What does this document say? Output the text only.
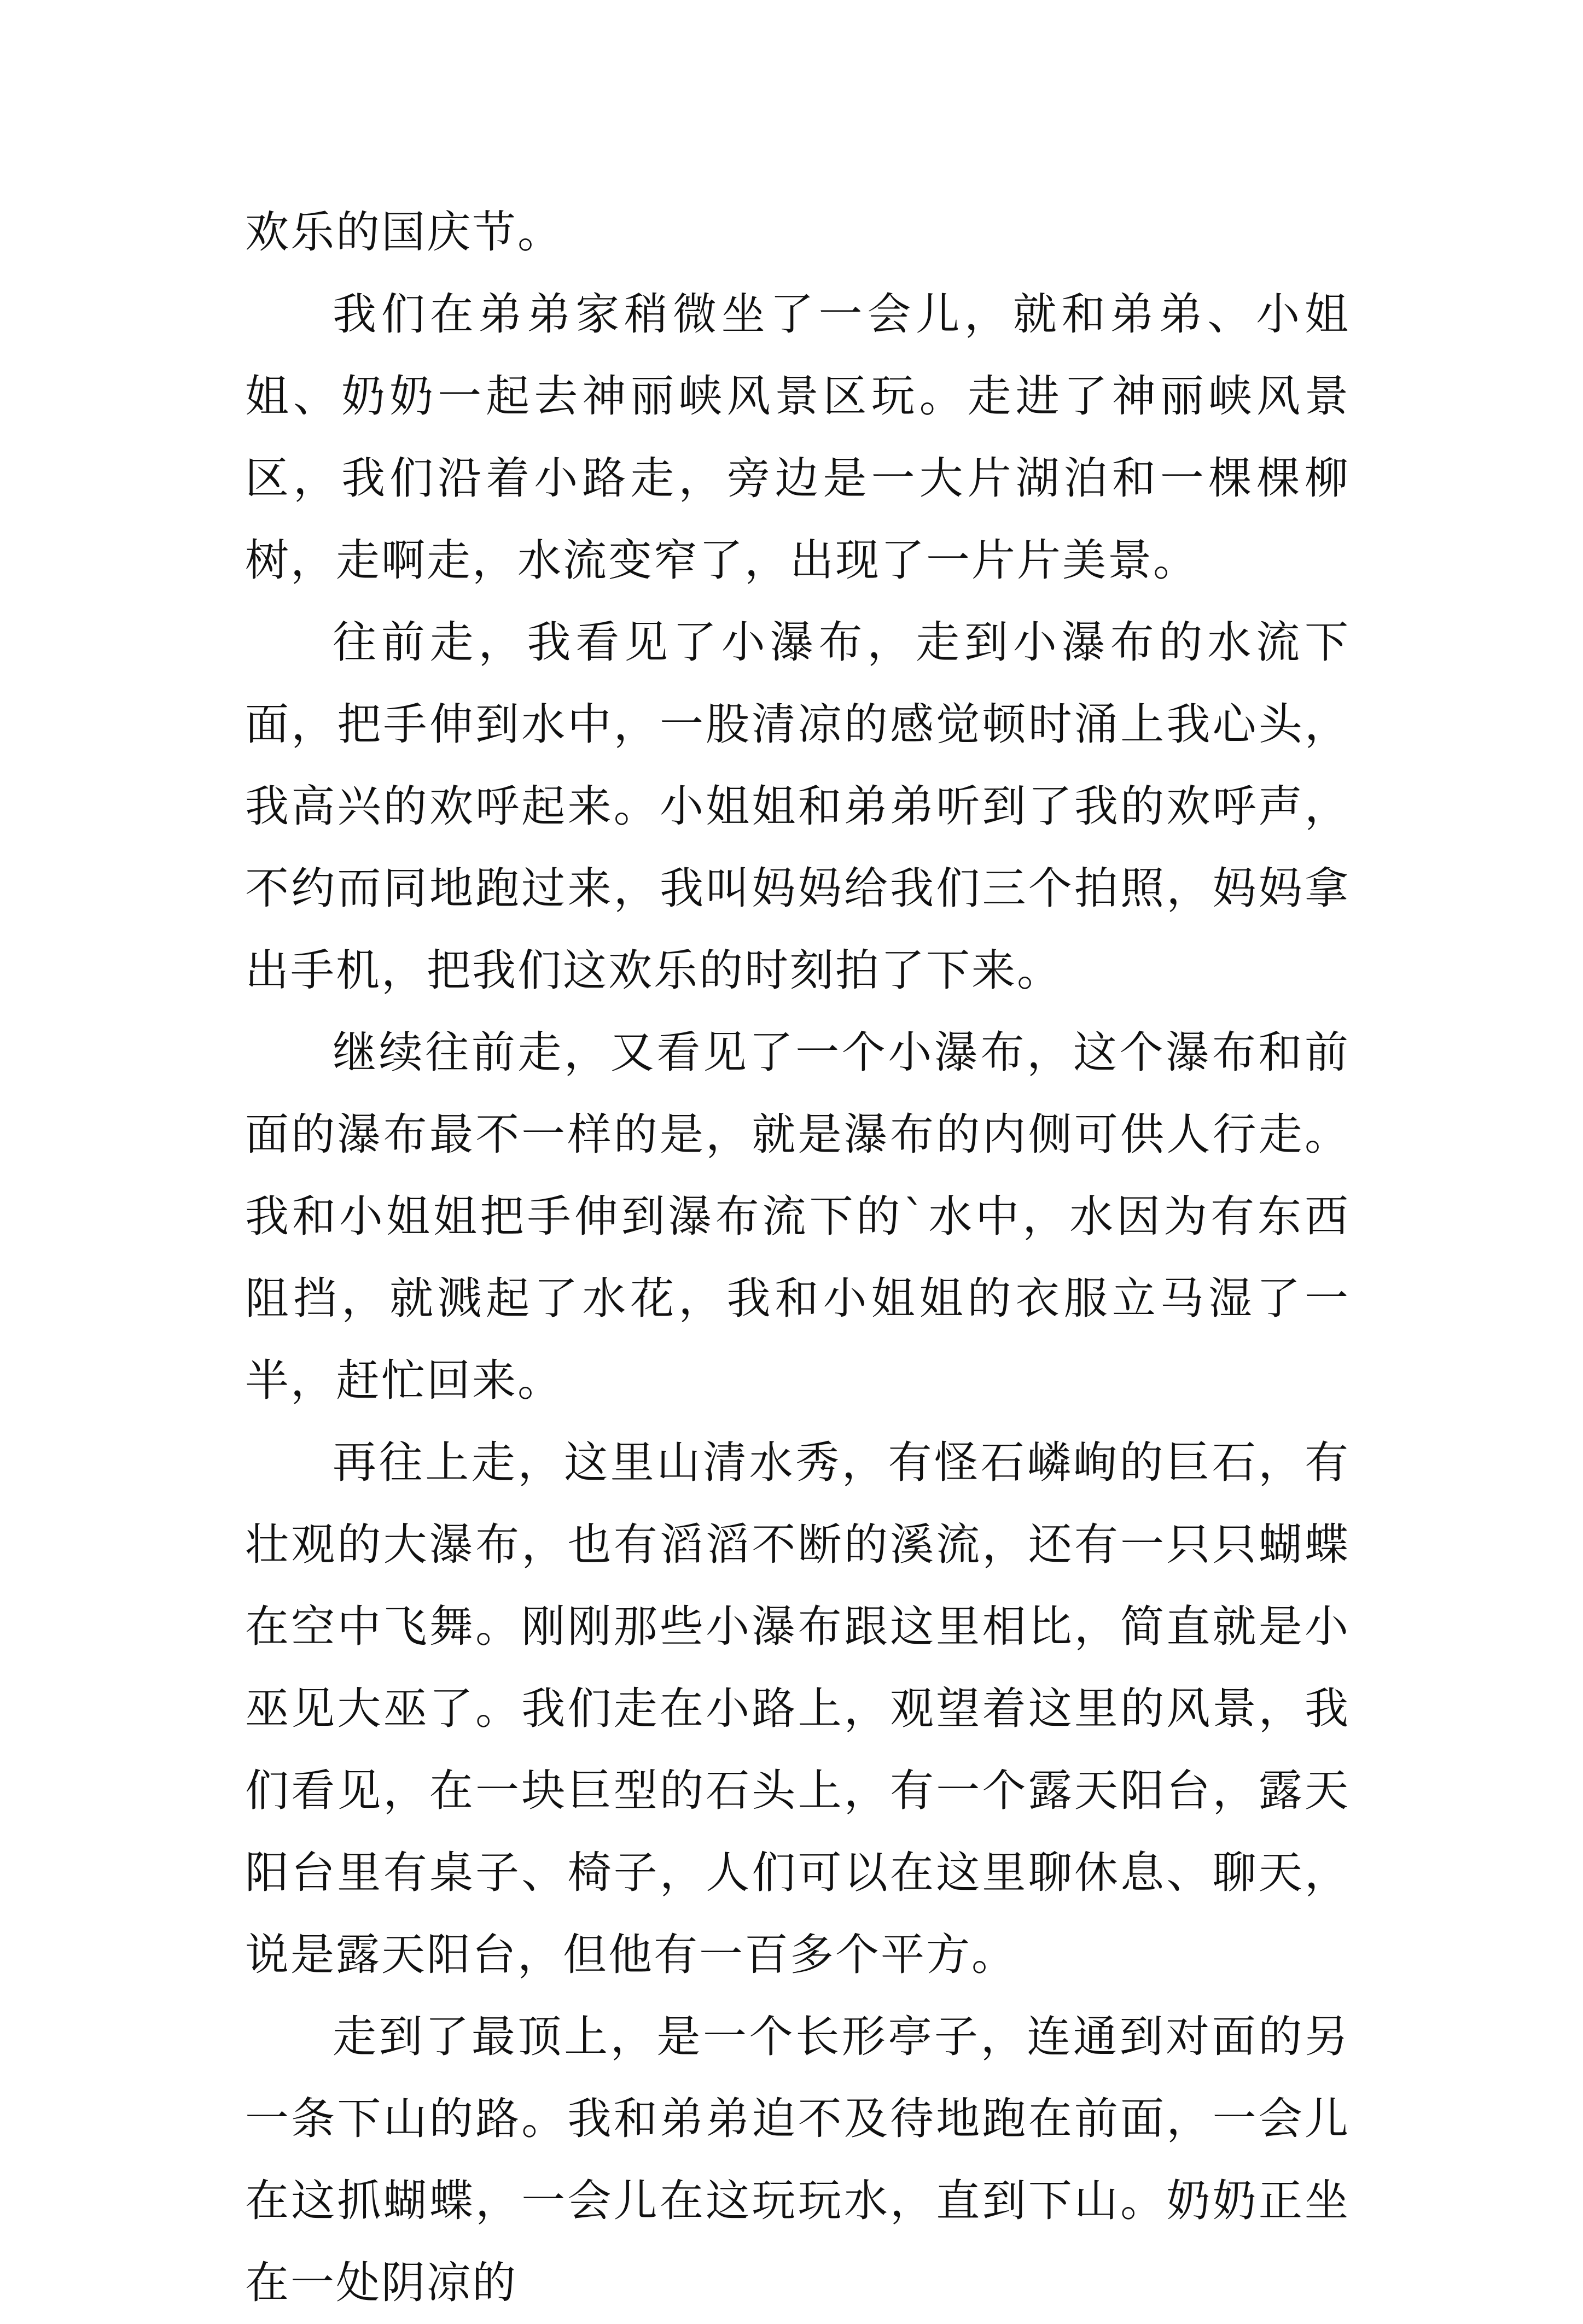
欢乐的国庆节。

我们在弟弟家稍微坐了一会儿，就和弟弟、小姐姐、奶奶一起去神丽峡风景区玩。走进了神丽峡风景区，我们沿着小路走，旁边是一大片湖泊和一棵棵柳树，走啊走，水流变窄了，出现了一片片美景。

往前走，我看见了小瀑布，走到小瀑布的水流下面，把手伸到水中，一股清凉的感觉顿时涌上我心头，我高兴的欢呼起来。小姐姐和弟弟听到了我的欢呼声，不约而同地跑过来，我叫妈妈给我们三个拍照，妈妈拿出手机，把我们这欢乐的时刻拍了下来。

继续往前走，又看见了一个小瀑布，这个瀑布和前面的瀑布最不一样的是，就是瀑布的内侧可供人行走。我和小姐姐把手伸到瀑布流下的`水中，水因为有东西阻挡，就溅起了水花，我和小姐姐的衣服立马湿了一半，赶忙回来。

再往上走，这里山清水秀，有怪石嶙峋的巨石，有壮观的大瀑布，也有滔滔不断的溪流，还有一只只蝴蝶在空中飞舞。刚刚那些小瀑布跟这里相比，简直就是小巫见大巫了。我们走在小路上，观望着这里的风景，我们看见，在一块巨型的石头上，有一个露天阳台，露天阳台里有桌子、椅子，人们可以在这里聊休息、聊天，说是露天阳台，但他有一百多个平方。

走到了最顶上，是一个长形亭子，连通到对面的另一条下山的路。我和弟弟迫不及待地跑在前面，一会儿在这抓蝴蝶，一会儿在这玩玩水，直到下山。奶奶正坐在一处阴凉的
